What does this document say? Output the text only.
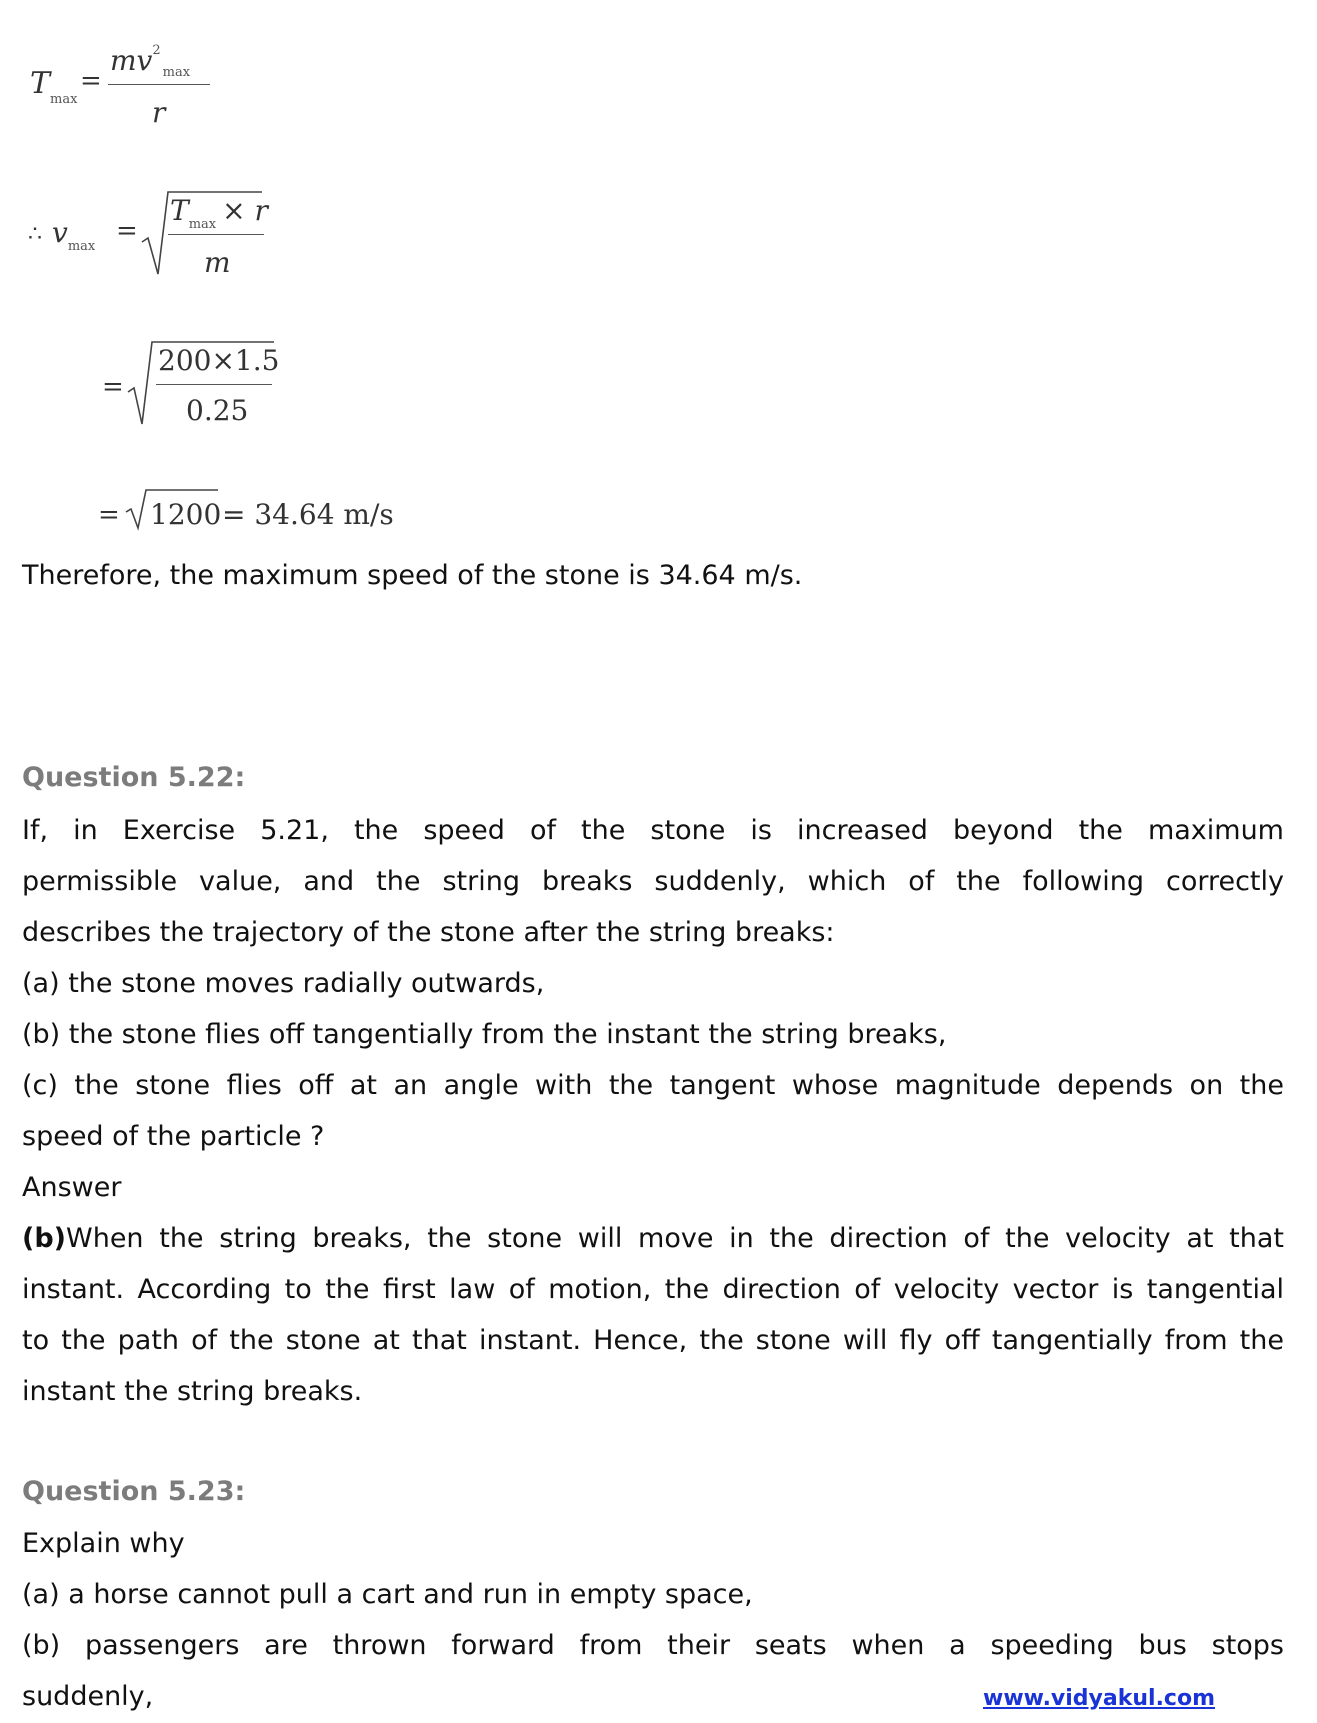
$T_{max}$
=
$mv^2_{max}$
r
∴ $v_{max}$
=
$T_{max} \times r$
m
=
200×1.5
0.25
= 1200 = 34.64 m/s

Therefore, the maximum speed of the stone is 34.64 m/s.

Question 5.22:

If, in Exercise 5.21, the speed of the stone is increased beyond the maximum

permissible value, and the string breaks suddenly, which of the following correctly

describes the trajectory of the stone after the string breaks:

(a) the stone moves radially outwards,

(b) the stone flies off tangentially from the instant the string breaks,

(c) the stone flies off at an angle with the tangent whose magnitude depends on the

speed of the particle ?

Answer

(b)When the string breaks, the stone will move in the direction of the velocity at that

instant. According to the first law of motion, the direction of velocity vector is tangential

to the path of the stone at that instant. Hence, the stone will fly off tangentially from the

instant the string breaks.

Question 5.23:

Explain why

(a) a horse cannot pull a cart and run in empty space,

(b) passengers are thrown forward from their seats when a speeding bus stops

suddenly,	www.vidyakul.com
